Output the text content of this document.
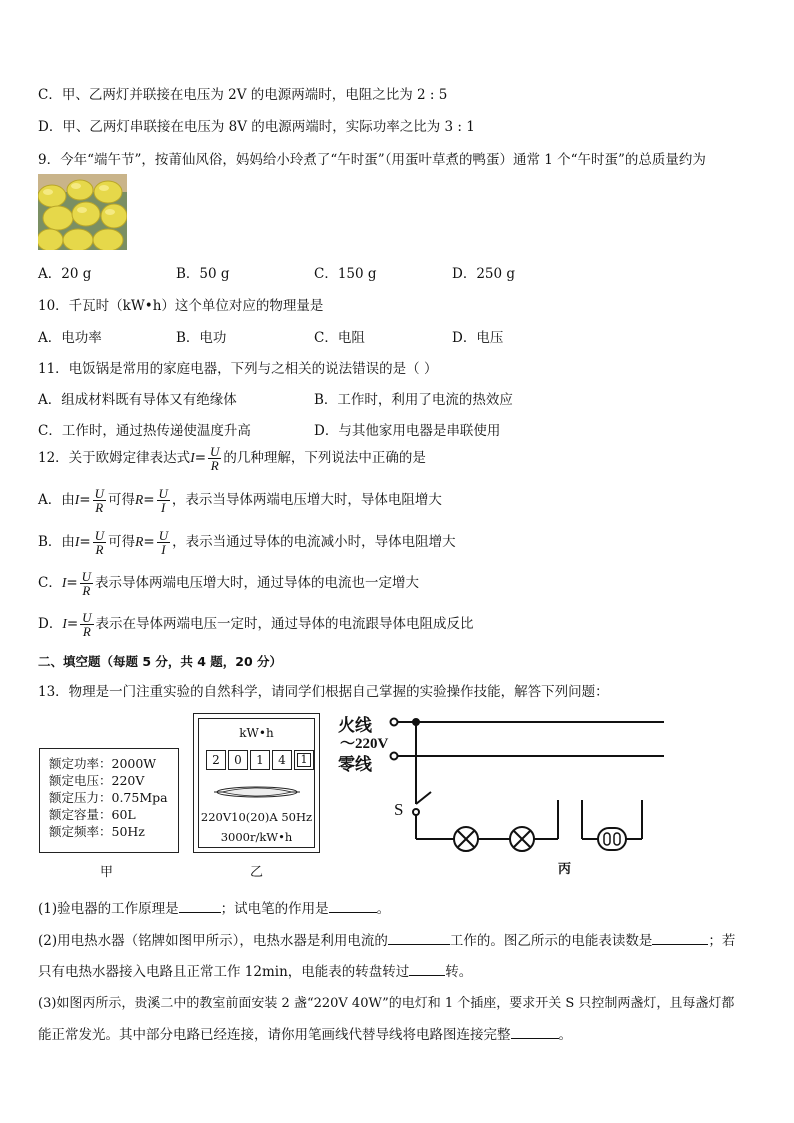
C．甲、乙两灯并联接在电压为 2V 的电源两端时，电阻之比为 2 : 5
D．甲、乙两灯串联接在电压为 8V 的电源两端时，实际功率之比为 3 : 1
9．今年“端午节”，按莆仙风俗，妈妈给小玲煮了“午时蛋”（用蛋叶草煮的鸭蛋）通常 1 个“午时蛋”的总质量约为
A．20 g	B．50 g	C．150 g	D．250 g
10．千瓦时（kW•h）这个单位对应的物理量是
A．电功率	B．电功	C．电阻	D．电压
11．电饭锅是常用的家庭电器，下列与之相关的说法错误的是（ ）
A．组成材料既有导体又有绝缘体	B．工作时，利用了电流的热效应
C．工作时，通过热传递使温度升高	D．与其他家用电器是串联使用
12．关于欧姆定律表达式$I= \frac{U}{R}$ 的几种理解，下列说法中正确的是
A．由$I= \frac{U}{R}$ 可得$R= \frac{U}{I}$ ，表示当导体两端电压增大时，导体电阻增大
B．由$I= \frac{U}{R}$ 可得$R= \frac{U}{I}$ ，表示当通过导体的电流减小时，导体电阻增大
C．$I= \frac{U}{R}$ 表示导体两端电压增大时，通过导体的电流也一定增大
D．$I= \frac{U}{R}$ 表示在导体两端电压一定时，通过导体的电流跟导体电阻成反比
二、填空题（每题 5 分，共 4 题，20 分）
13．物理是一门注重实验的自然科学，请同学们根据自己掌握的实验操作技能，解答下列问题：
额定功率：2000W
额定电压：220V
额定压力：0.75Mpa
额定容量：60L
额定频率：50Hz
甲
kW•h
2	0	1	4	1
220V10(20)A 50Hz
3000r/kW•h
乙
火线
～220V
零线
S
丙
(1)验电器的工作原理是	；试电笔的作用是	。
(2)用电热水器（铭牌如图甲所示），电热水器是利用电流的	工作的。图乙所示的电能表读数是	；若
只有电热水器接入电路且正常工作 12min，电能表的转盘转过	转。
(3)如图丙所示，贵溪二中的教室前面安装 2 盏“220V 40W”的电灯和 1 个插座，要求开关 S 只控制两盏灯，且每盏灯都
能正常发光。其中部分电路已经连接，请你用笔画线代替导线将电路图连接完整	。
